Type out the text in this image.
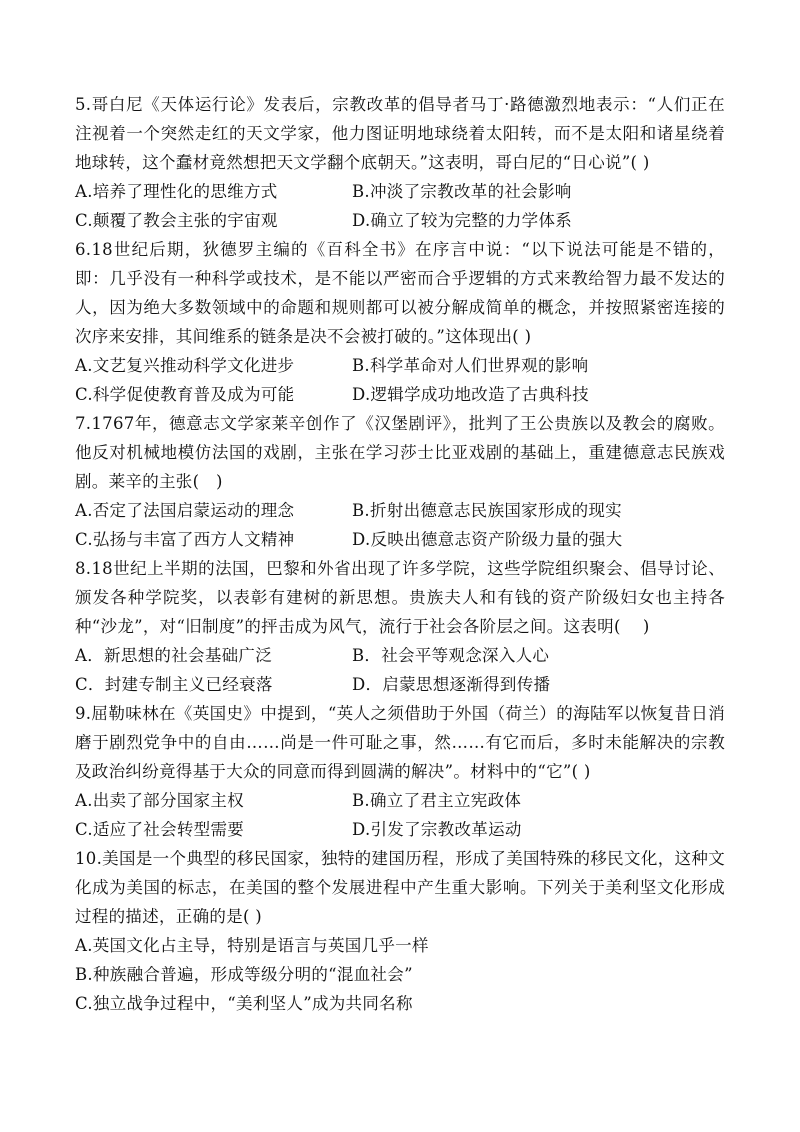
5.哥白尼《天体运行论》发表后，宗教改革的倡导者马丁·路德激烈地表示：“人们正在注视着一个突然走红的天文学家，他力图证明地球绕着太阳转，而不是太阳和诸星绕着地球转，这个蠢材竟然想把天文学翻个底朝天。”这表明，哥白尼的“日心说”( )

A.培养了理性化的思维方式	B.冲淡了宗教改革的社会影响
C.颠覆了教会主张的宇宙观	D.确立了较为完整的力学体系

6.18世纪后期，狄德罗主编的《百科全书》在序言中说：“以下说法可能是不错的，即：几乎没有一种科学或技术，是不能以严密而合乎逻辑的方式来教给智力最不发达的人，因为绝大多数领域中的命题和规则都可以被分解成简单的概念，并按照紧密连接的次序来安排，其间维系的链条是决不会被打破的。”这体现出( )

A.文艺复兴推动科学文化进步	B.科学革命对人们世界观的影响
C.科学促使教育普及成为可能	D.逻辑学成功地改造了古典科技

7.1767年，德意志文学家莱辛创作了《汉堡剧评》，批判了王公贵族以及教会的腐败。他反对机械地模仿法国的戏剧，主张在学习莎士比亚戏剧的基础上，重建德意志民族戏剧。莱辛的主张(   )

A.否定了法国启蒙运动的理念	B.折射出德意志民族国家形成的现实
C.弘扬与丰富了西方人文精神	D.反映出德意志资产阶级力量的强大

8.18世纪上半期的法国，巴黎和外省出现了许多学院，这些学院组织聚会、倡导讨论、颁发各种学院奖，以表彰有建树的新思想。贵族夫人和有钱的资产阶级妇女也主持各种“沙龙”，对“旧制度”的抨击成为风气，流行于社会各阶层之间。这表明(    )

A．新思想的社会基础广泛	B．社会平等观念深入人心
C．封建专制主义已经衰落	D．启蒙思想逐渐得到传播

9.屈勒味林在《英国史》中提到，“英人之须借助于外国（荷兰）的海陆军以恢复昔日消磨于剧烈党争中的自由……尚是一件可耻之事，然……有它而后，多时未能解决的宗教及政治纠纷竟得基于大众的同意而得到圆满的解决”。材料中的“它”( )

A.出卖了部分国家主权	B.确立了君主立宪政体
C.适应了社会转型需要	D.引发了宗教改革运动

10.美国是一个典型的移民国家，独特的建国历程，形成了美国特殊的移民文化，这种文化成为美国的标志，在美国的整个发展进程中产生重大影响。下列关于美利坚文化形成过程的描述，正确的是( )

A.英国文化占主导，特别是语言与英国几乎一样
B.种族融合普遍，形成等级分明的“混血社会”
C.独立战争过程中，“美利坚人”成为共同名称
